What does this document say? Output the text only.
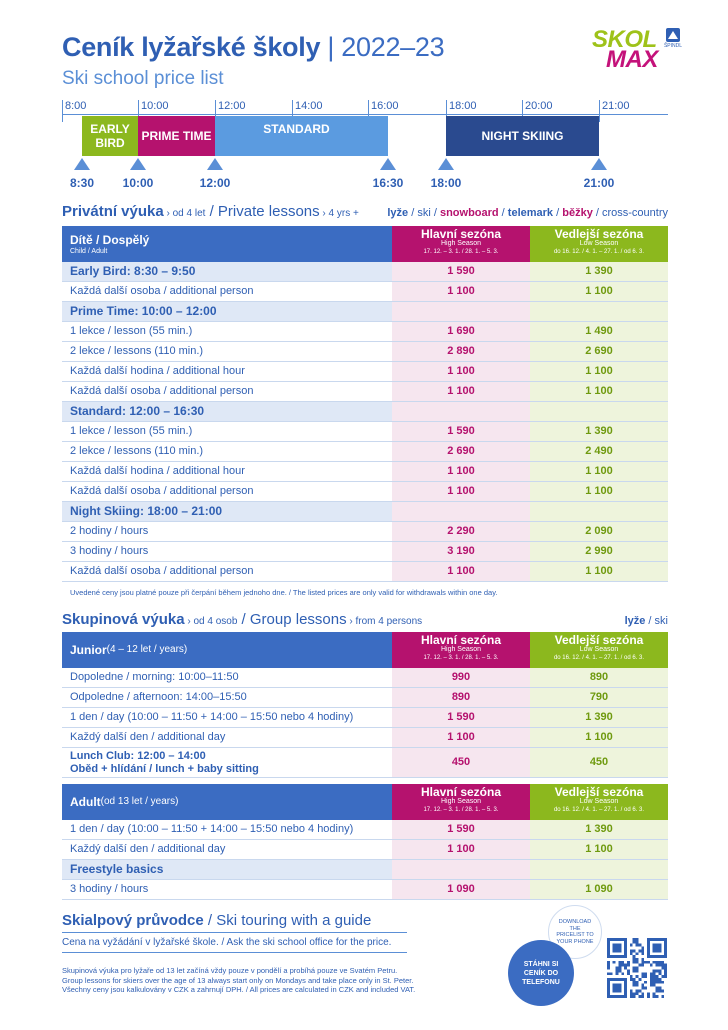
Ceník lyžařské školy | 2022–23
Ski school price list
SKOL
MAX ŠPINDL
8:00	10:00	12:00	14:00	16:00	18:00	20:00	21:00
EARLY BIRD	PRIME TIME	STANDARD	NIGHT SKIING
8:30 10:00	12:00	16:30 18:00	21:00
Privátní výuka › od 4 let / Private lessons › 4 yrs +	lyže / ski / snowboard / telemark / běžky / cross-country
Dítě / Dospělý
Child / Adult
Hlavní sezóna
High Season
17. 12. – 3. 1. / 28. 1. – 5. 3.
Vedlejší sezóna
Low Season
do 16. 12. / 4. 1. – 27. 1. / od 6. 3.
Early Bird: 8:30 – 9:50	1 590	1 390
Každá další osoba / additional person	1 100	1 100
Prime Time: 10:00 – 12:00
1 lekce / lesson (55 min.)	1 690	1 490
2 lekce / lessons (110 min.)	2 890	2 690
Každá další hodina / additional hour	1 100	1 100
Každá další osoba / additional person	1 100	1 100
Standard: 12:00 – 16:30
1 lekce / lesson (55 min.)	1 590	1 390
2 lekce / lessons (110 min.)	2 690	2 490
Každá další hodina / additional hour	1 100	1 100
Každá další osoba / additional person	1 100	1 100
Night Skiing: 18:00 – 21:00
2 hodiny / hours	2 290	2 090
3 hodiny / hours	3 190	2 990
Každá další osoba / additional person	1 100	1 100
Uvedené ceny jsou platné pouze při čerpání během jednoho dne. / The listed prices are only valid for withdrawals within one day.
Skupinová výuka › od 4 osob / Group lessons › from 4 persons	lyže / ski
Junior (4 – 12 let / years)
Hlavní sezóna
High Season
17. 12. – 3. 1. / 28. 1. – 5. 3.
Vedlejší sezóna
Low Season
do 16. 12. / 4. 1. – 27. 1. / od 6. 3.
Dopoledne / morning: 10:00–11:50	990	890
Odpoledne / afternoon: 14:00–15:50	890	790
1 den / day (10:00 – 11:50 + 14:00 – 15:50 nebo 4 hodiny)	1 590	1 390
Každý další den / additional day	1 100	1 100
Lunch Club: 12:00 – 14:00
Oběd + hlídání / lunch + baby sitting
450	450
Adult (od 13 let / years)
Hlavní sezóna
High Season
17. 12. – 3. 1. / 28. 1. – 5. 3.
Vedlejší sezóna
Low Season
do 16. 12. / 4. 1. – 27. 1. / od 6. 3.
1 den / day (10:00 – 11:50 + 14:00 – 15:50 nebo 4 hodiny)	1 590	1 390
Každý další den / additional day	1 100	1 100
Freestyle basics
3 hodiny / hours	1 090	1 090
Skialpový průvodce / Ski touring with a guide
Cena na vyžádání v lyžařské škole. / Ask the ski school office for the price.
Skupinová výuka pro lyžaře od 13 let začíná vždy pouze v pondělí a probíhá pouze ve Svatém Petru.
Group lessons for skiers over the age of 13 always start only on Mondays and take place only in St. Peter.
Všechny ceny jsou kalkulovány v CZK a zahrnují DPH. / All prices are calculated in CZK and included VAT.
DOWNLOAD THE PRICELIST TO YOUR PHONE
STÁHNI SI CENÍK DO TELEFONU
